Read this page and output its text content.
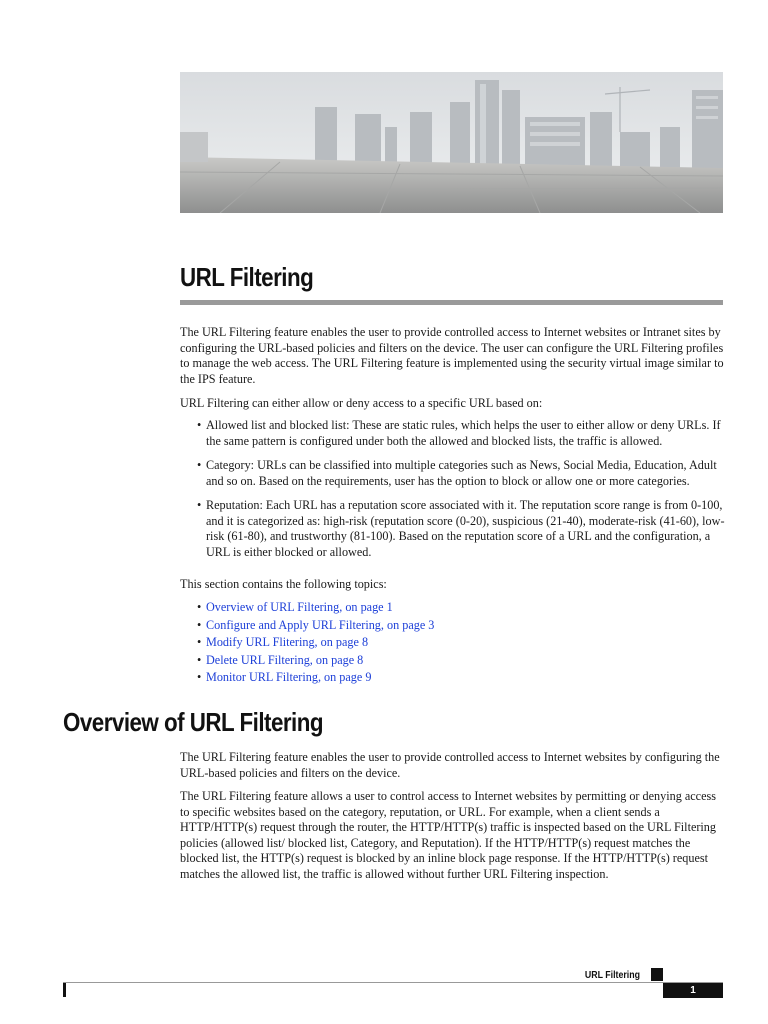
URL Filtering

The URL Filtering feature enables the user to provide controlled access to Internet websites or Intranet sites by configuring the URL-based policies and filters on the device. The user can configure the URL Filtering profiles to manage the web access. The URL Filtering feature is implemented using the security virtual image similar to the IPS feature.

URL Filtering can either allow or deny access to a specific URL based on:

• Allowed list and blocked list: These are static rules, which helps the user to either allow or deny URLs. If the same pattern is configured under both the allowed and blocked lists, the traffic is allowed.
• Category: URLs can be classified into multiple categories such as News, Social Media, Education, Adult and so on. Based on the requirements, user has the option to block or allow one or more categories.
• Reputation: Each URL has a reputation score associated with it. The reputation score range is from 0-100, and it is categorized as: high-risk (reputation score (0-20), suspicious (21-40), moderate-risk (41-60), low-risk (61-80), and trustworthy (81-100). Based on the reputation score of a URL and the configuration, a URL is either blocked or allowed.

This section contains the following topics:

• Overview of URL Filtering, on page 1
• Configure and Apply URL Filtering, on page 3
• Modify URL Flitering, on page 8
• Delete URL Filtering, on page 8
• Monitor URL Filtering, on page 9
Overview of URL Filtering

The URL Filtering feature enables the user to provide controlled access to Internet websites by configuring the URL-based policies and filters on the device.

The URL Filtering feature allows a user to control access to Internet websites by permitting or denying access to specific websites based on the category, reputation, or URL. For example, when a client sends a HTTP/HTTP(s) request through the router, the HTTP/HTTP(s) traffic is inspected based on the URL Filtering policies (allowed list/ blocked list, Category, and Reputation). If the HTTP/HTTP(s) request matches the blocked list, the HTTP(s) request is blocked by an inline block page response. If the HTTP/HTTP(s) request matches the allowed list, the traffic is allowed without further URL Filtering inspection.

URL Filtering
1
